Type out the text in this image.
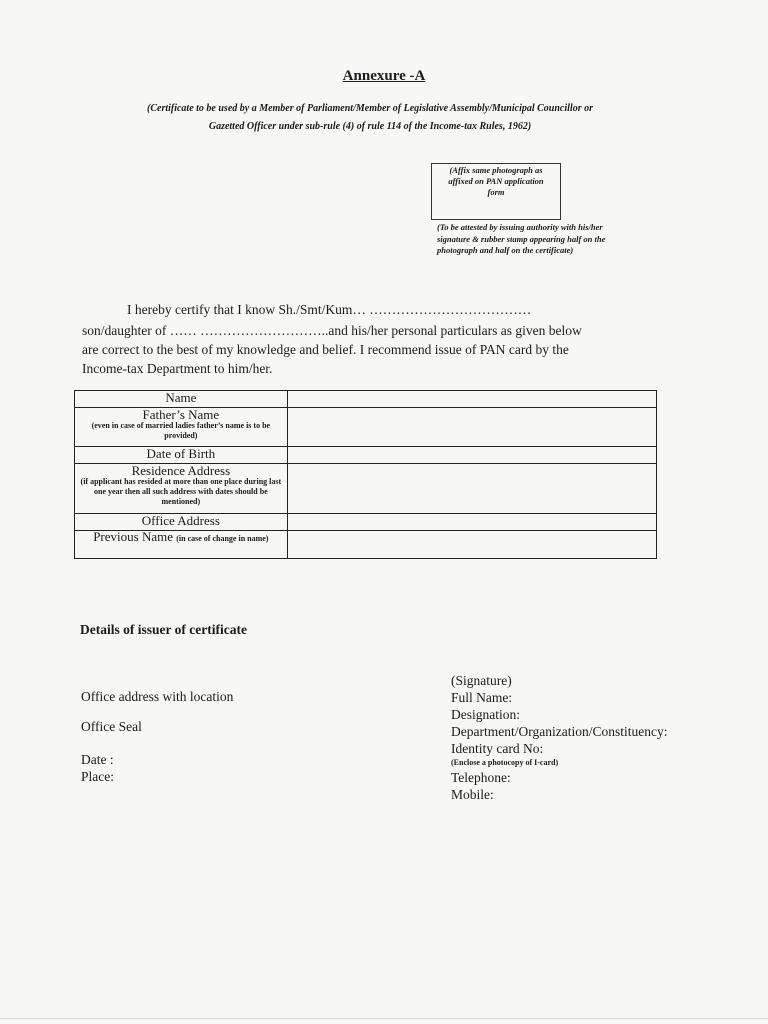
Annexure -A
(Certificate to be used by a Member of Parliament/Member of Legislative Assembly/Municipal Councillor or
Gazetted Officer under sub-rule (4) of rule 114 of the Income-tax Rules, 1962)
(Affix same photograph as
affixed on PAN application
form
(To be attested by issuing authority with his/her
signature & rubber stamp appearing half on the
photograph and half on the certificate)
I hereby certify that I know Sh./Smt/Kum… ………………………………
son/daughter of …… ………………………..and his/her personal particulars as given below
are correct to the best of my knowledge and belief. I recommend issue of PAN card by the
Income-tax Department to him/her.
Name	
Father’s Name
(even in case of married ladies father’s name is to be provided)	

Date of Birth	
Residence Address
(if applicant has resided at more than one place during last one year then all such address with dates should be mentioned)	

Office Address	
Previous Name (in case of change in name)	
Details of issuer of certificate
Office address with location
Office Seal
Date :
Place:
(Signature)
Full Name:
Designation:
Department/Organization/Constituency:
Identity card No:
(Enclose a photocopy of I-card)
Telephone:
Mobile:
